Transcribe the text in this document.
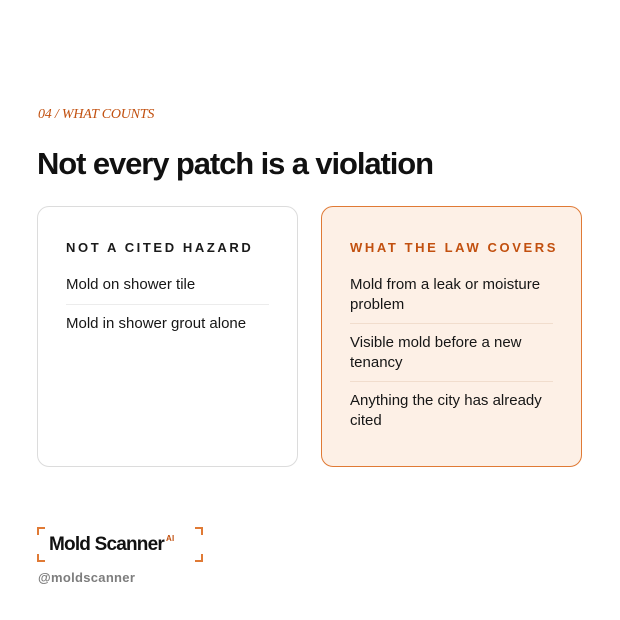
04 / WHAT COUNTS
Not every patch is a violation
NOT A CITED HAZARD
Mold on shower tile
Mold in shower grout alone
WHAT THE LAW COVERS
Mold from a leak or moisture problem
Visible mold before a new tenancy
Anything the city has already cited
Mold Scanner $^{AI}$
@moldscanner
